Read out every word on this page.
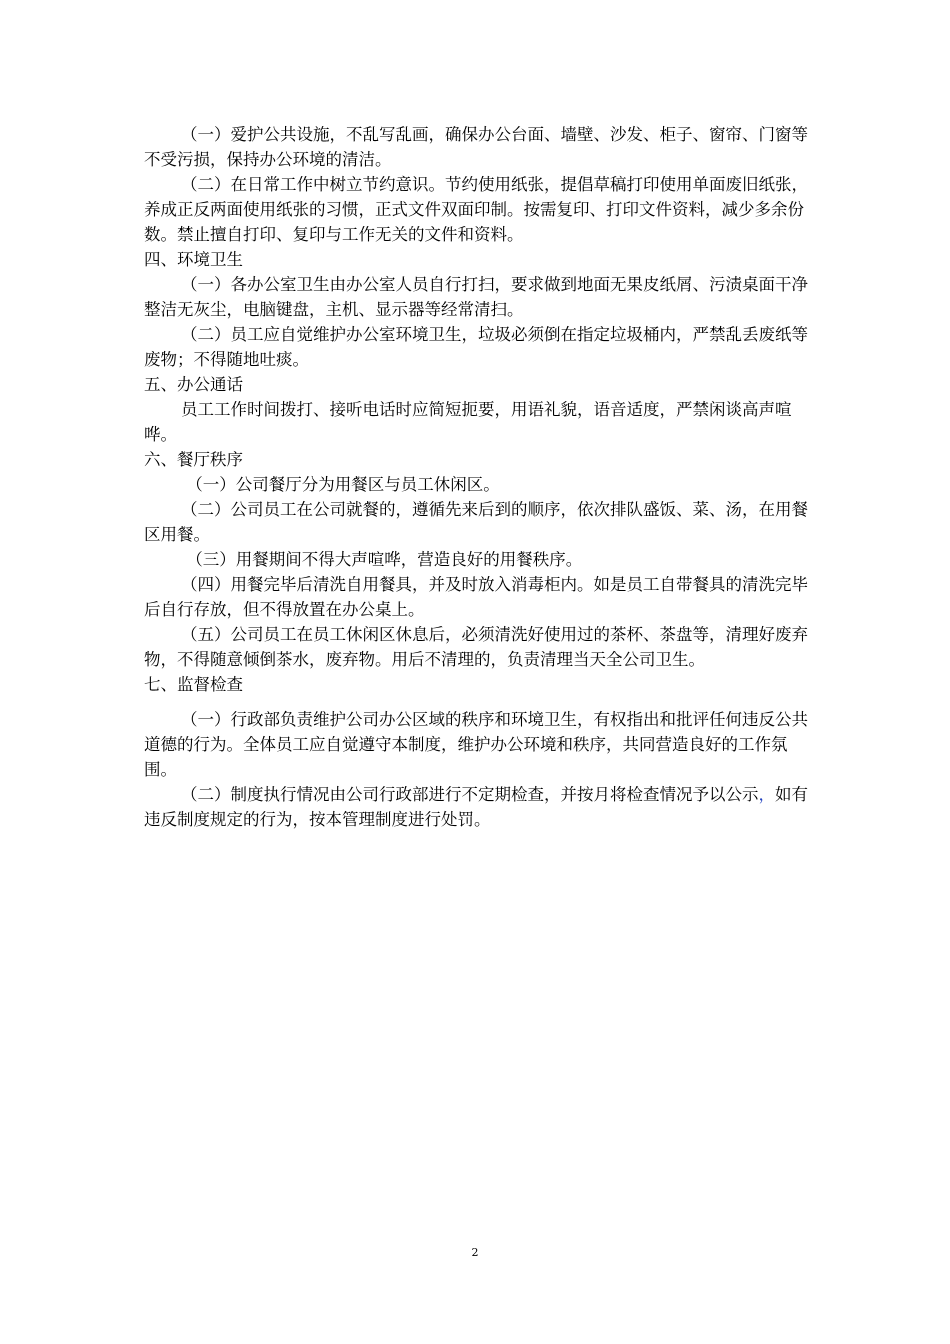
（一）爱护公共设施，不乱写乱画，确保办公台面、墙壁、沙发、柜子、窗帘、门窗等不受污损，保持办公环境的清洁。

（二）在日常工作中树立节约意识。节约使用纸张，提倡草稿打印使用单面废旧纸张，养成正反两面使用纸张的习惯，正式文件双面印制。按需复印、打印文件资料，减少多余份数。禁止擅自打印、复印与工作无关的文件和资料。

四、环境卫生

（一）各办公室卫生由办公室人员自行打扫，要求做到地面无果皮纸屑、污渍桌面干净整洁无灰尘，电脑键盘，主机、显示器等经常清扫。

（二）员工应自觉维护办公室环境卫生，垃圾必须倒在指定垃圾桶内，严禁乱丢废纸等废物；不得随地吐痰。

五、办公通话

员工工作时间拨打、接听电话时应简短扼要，用语礼貌，语音适度，严禁闲谈高声喧哗。

六、餐厅秩序

（一）公司餐厅分为用餐区与员工休闲区。

（二）公司员工在公司就餐的，遵循先来后到的顺序，依次排队盛饭、菜、汤，在用餐区用餐。

（三）用餐期间不得大声喧哗，营造良好的用餐秩序。

（四）用餐完毕后清洗自用餐具，并及时放入消毒柜内。如是员工自带餐具的清洗完毕后自行存放，但不得放置在办公桌上。

（五）公司员工在员工休闲区休息后，必须清洗好使用过的茶杯、茶盘等，清理好废弃物，不得随意倾倒茶水，废弃物。用后不清理的，负责清理当天全公司卫生。

七、监督检查

（一）行政部负责维护公司办公区域的秩序和环境卫生，有权指出和批评任何违反公共道德的行为。全体员工应自觉遵守本制度，维护办公环境和秩序，共同营造良好的工作氛围。

（二）制度执行情况由公司行政部进行不定期检查，并按月将检查情况予以公示，如有违反制度规定的行为，按本管理制度进行处罚。

2
